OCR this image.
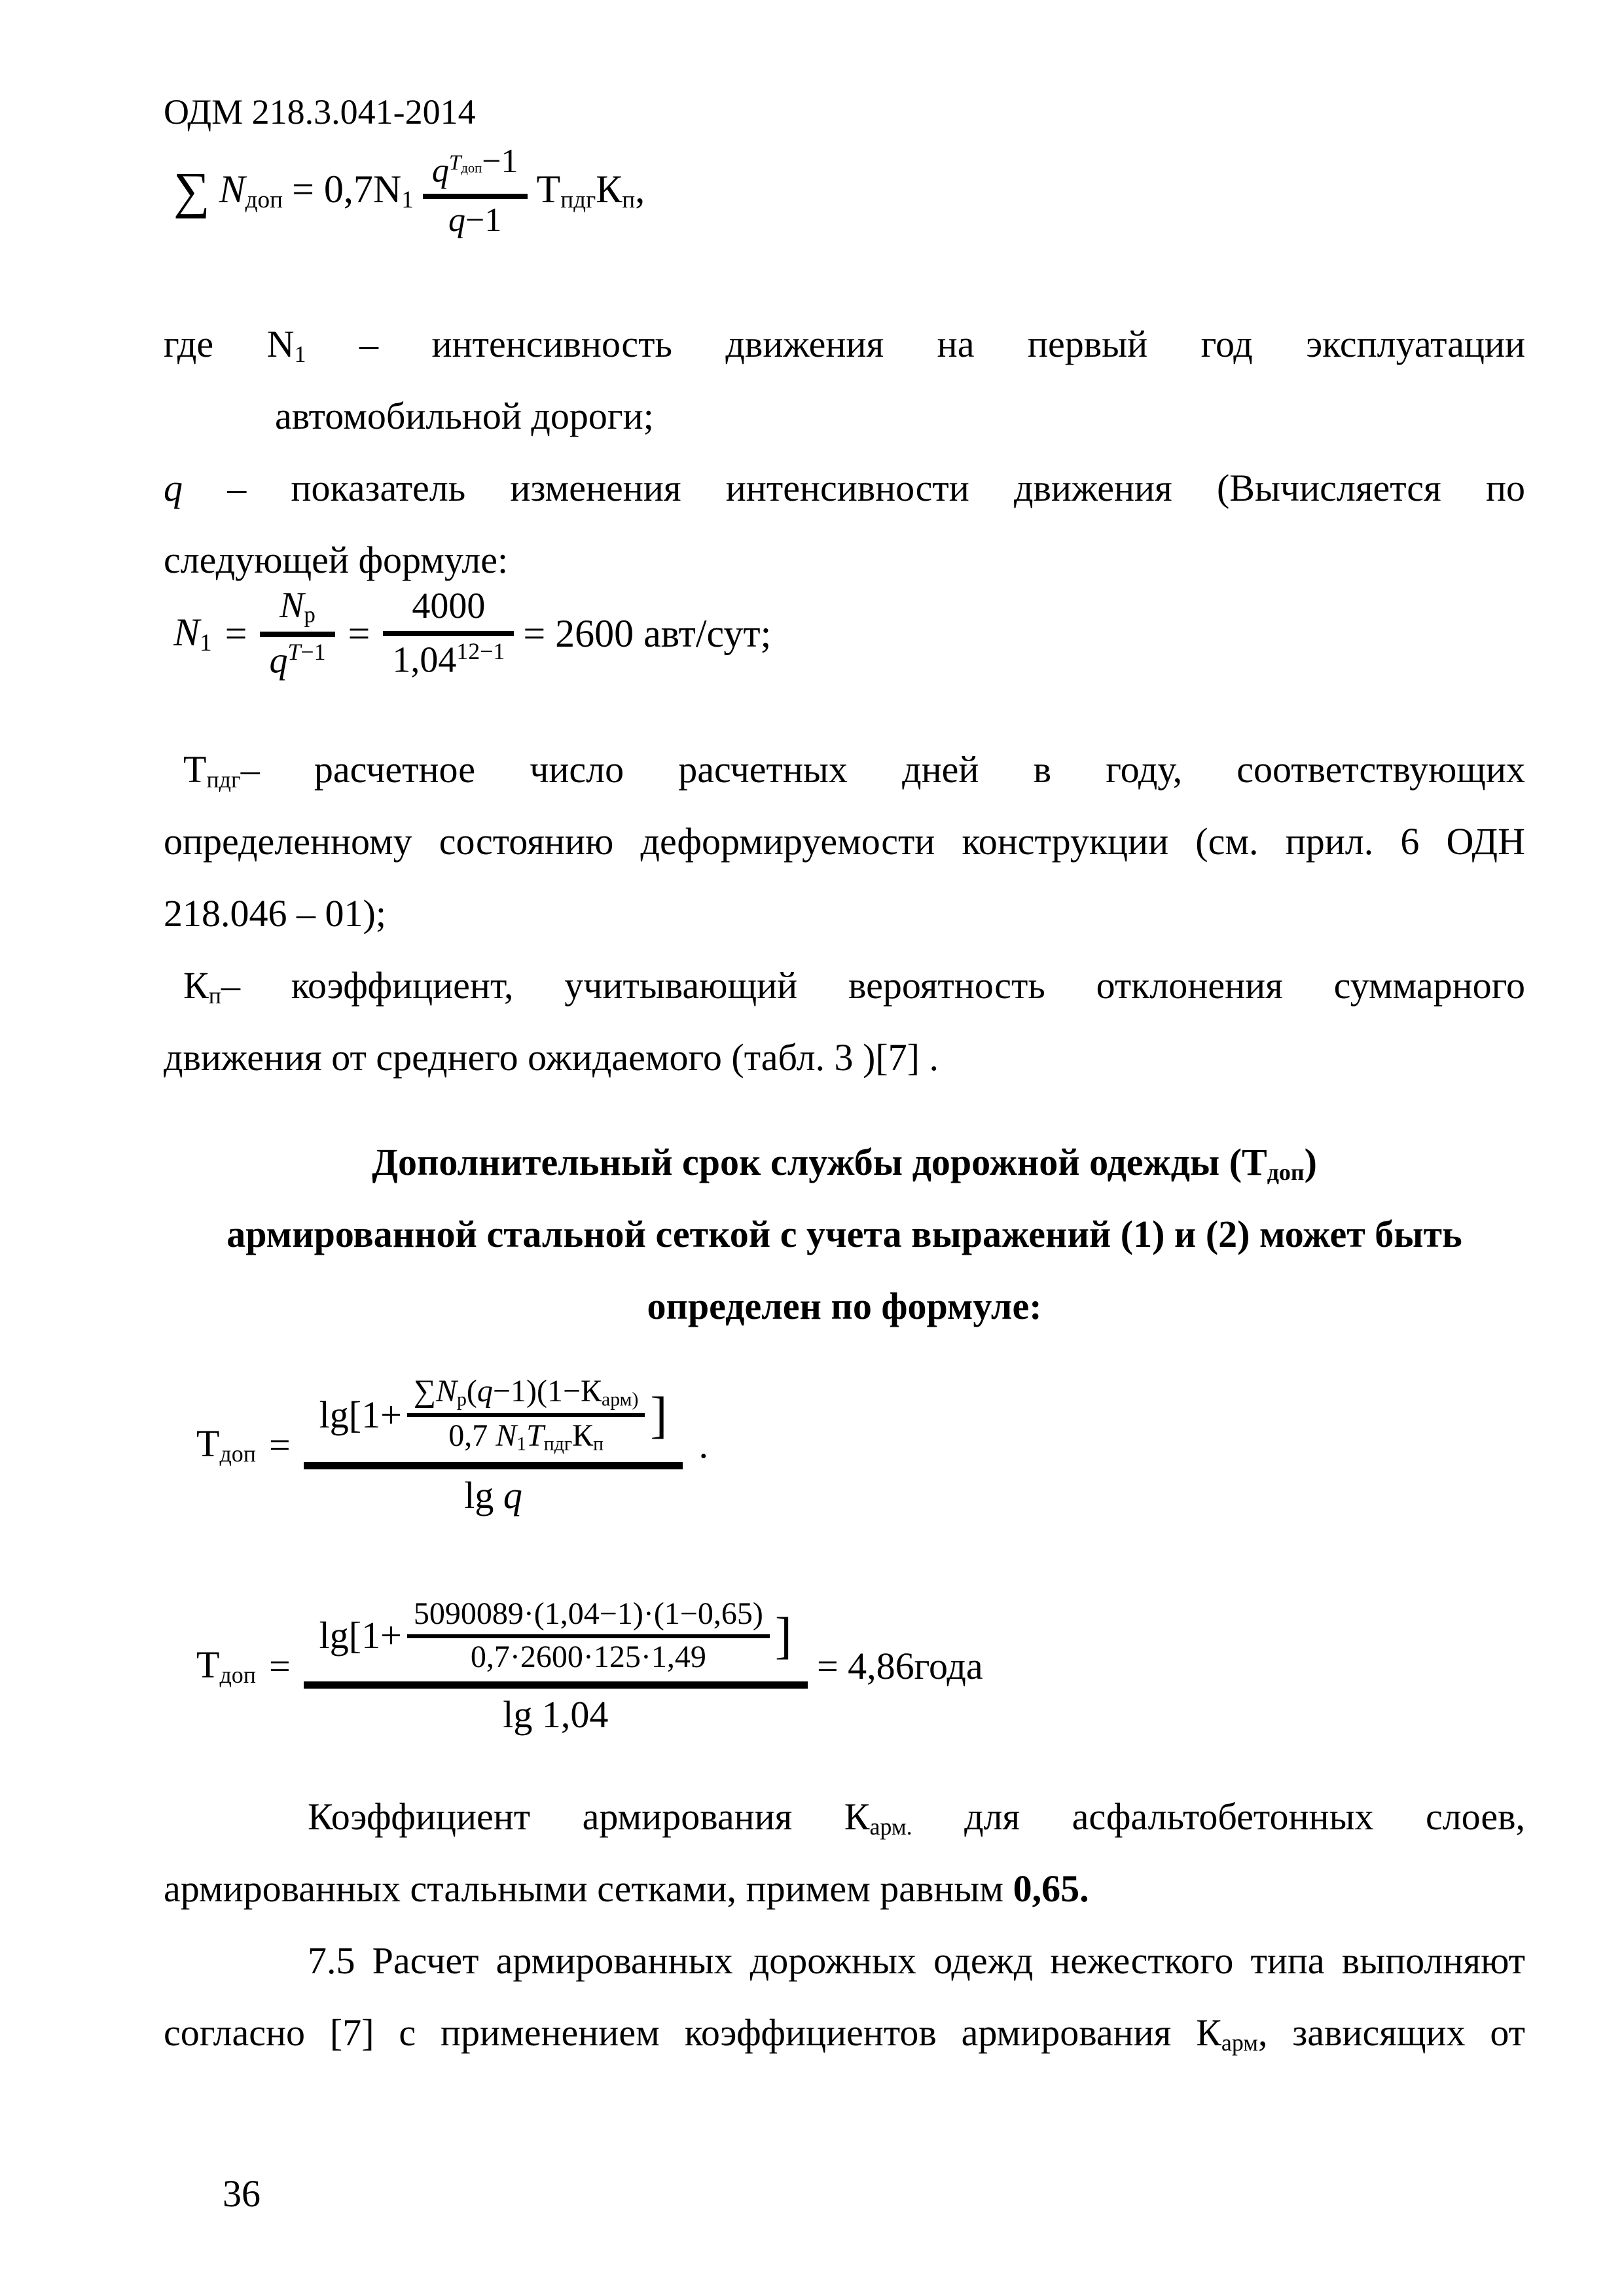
ОДМ 218.3.041-2014
∑ Nдоп = 0,7N1
$q^{Тдоп}-1$
q−1
ТпдгКп,
где N1 – интенсивность движения на первый год эксплуатации
автомобильной дороги;
q – показатель изменения интенсивности движения (Вычисляется по
следующей формуле:
N1 =
Nр
$q^{Т-1} = \frac{4000}{1,04^{12-1}} = 2600$ авт/сут;
Тпдг– расчетное число расчетных дней в году, соответствующих
определенному состоянию деформируемости конструкции (см. прил. 6 ОДН
218.046 – 01);
Кп– коэффициент, учитывающий вероятность отклонения суммарного
движения от среднего ожидаемого (табл. 3 )[7] .
Дополнительный срок службы дорожной одежды (Тдоп)
армированной стальной сеткой с учета выражений (1) и (2) может быть
определен по формуле:
Тдоп =
lg[1+
∑Np(q−1)(1−Карм)
0,7 N1ТпдгКп
]
lg q
.
Тдоп =
$\lg[1+ \frac{5090089\cdot(1,04-1)\cdot(1-0,65)}{0,7\cdot 2600\cdot 125\cdot 1,49}$ ]
lg 1,04
= 4,86года
Коэффициент армирования Карм. для асфальтобетонных слоев,
армированных стальными сетками, примем равным 0,65.
7.5 Расчет армированных дорожных одежд нежесткого типа выполняют
согласно [7] с применением коэффициентов армирования Карм, зависящих от
36
